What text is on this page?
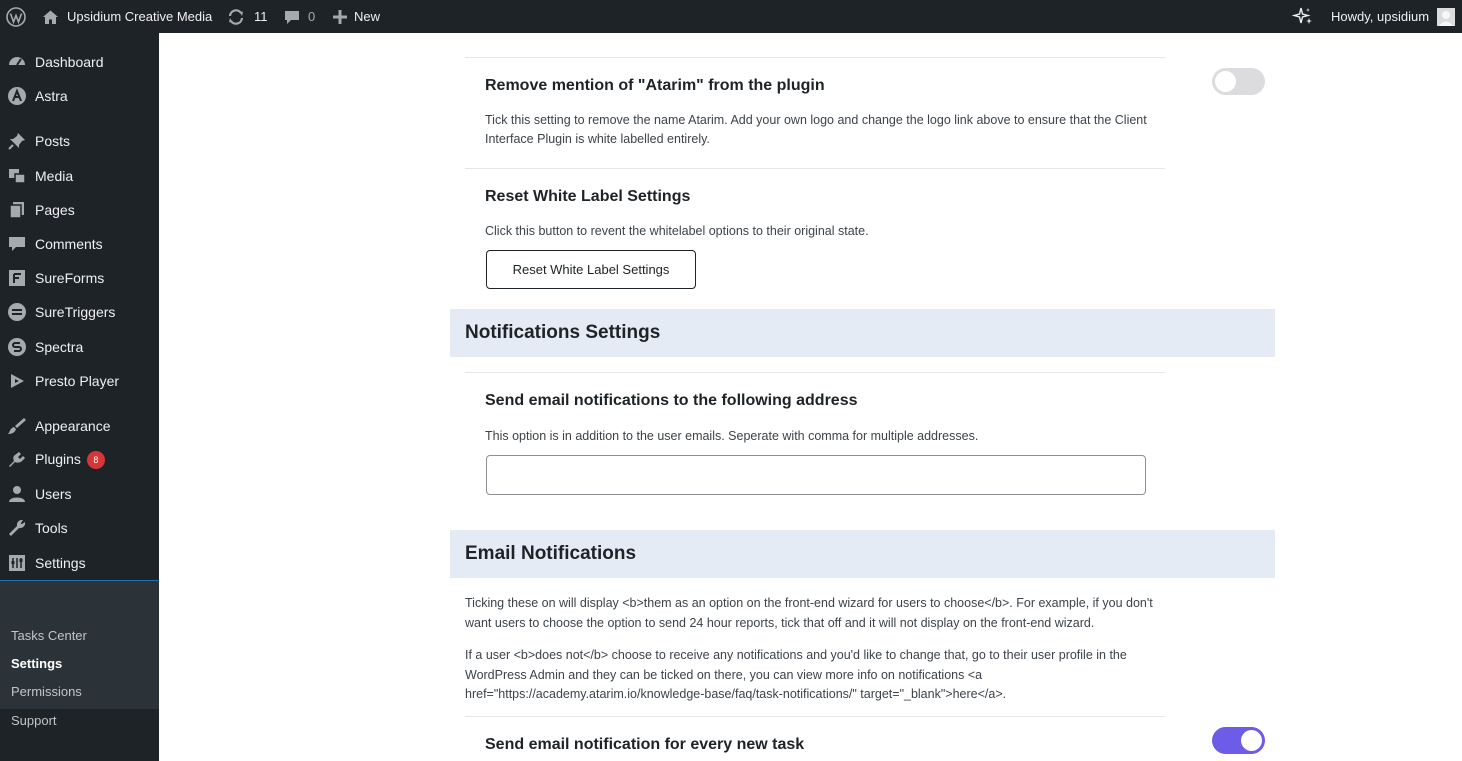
Upsidium Creative Media	11	0	New	Howdy, upsidium
Dashboard
Astra
Posts
Media
Pages
Comments
SureForms
SureTriggers
Spectra
Presto Player
Appearance
Plugins 8
Users
Tools
Settings
Tasks Center
Settings
Permissions
Support
Remove mention of "Atarim" from the plugin
Tick this setting to remove the name Atarim. Add your own logo and change the logo link above to ensure that the Client Interface Plugin is white labelled entirely.
Reset White Label Settings
Click this button to revent the whitelabel options to their original state.
Reset White Label Settings
Notifications Settings
Send email notifications to the following address
This option is in addition to the user emails. Seperate with comma for multiple addresses.
Email Notifications
Ticking these on will display <b>them as an option on the front-end wizard for users to choose</b>. For example, if you don't want users to choose the option to send 24 hour reports, tick that off and it will not display on the front-end wizard.
If a user <b>does not</b> choose to receive any notifications and you'd like to change that, go to their user profile in the WordPress Admin and they can be ticked on there, you can view more info on notifications <a href="https://academy.atarim.io/knowledge-base/faq/task-notifications/" target="_blank">here</a>.
Send email notification for every new task
